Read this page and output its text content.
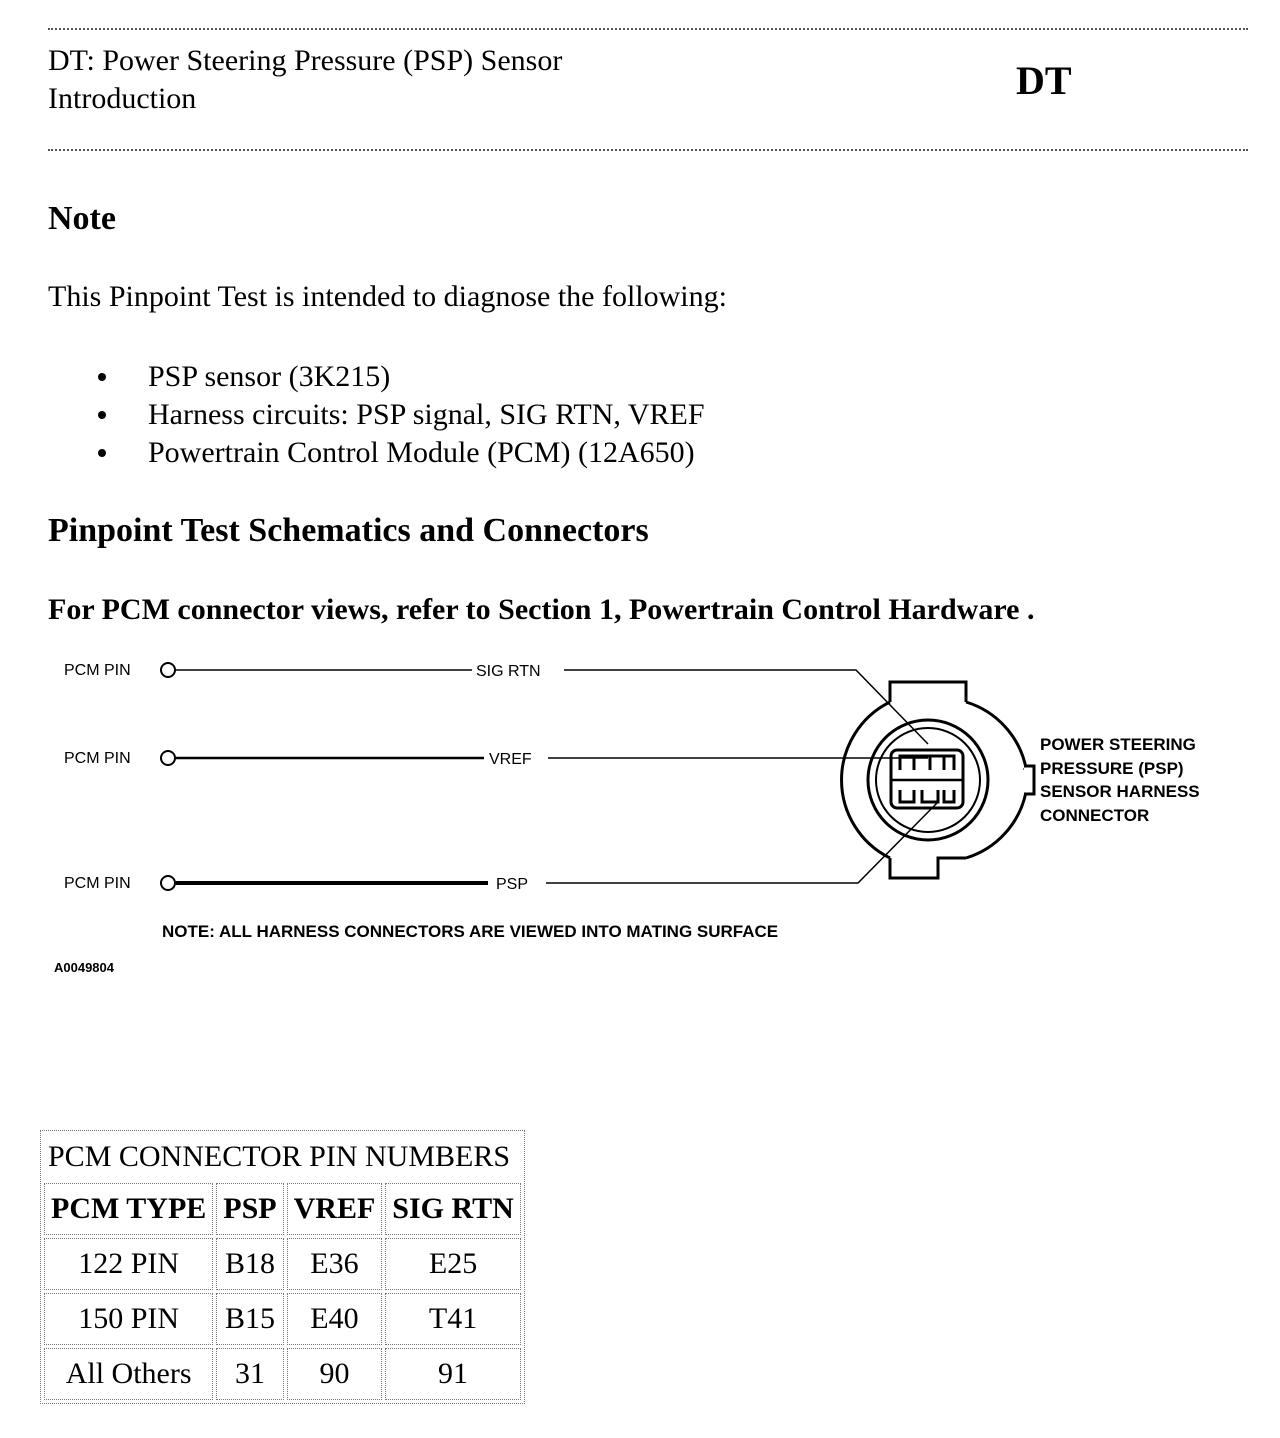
DT: Power Steering Pressure (PSP) Sensor
Introduction	DT
Note
This Pinpoint Test is intended to diagnose the following:
PSP sensor (3K215)
Harness circuits: PSP signal, SIG RTN, VREF
Powertrain Control Module (PCM) (12A650)
Pinpoint Test Schematics and Connectors
For PCM connector views, refer to Section 1, Powertrain Control Hardware .
PCM PIN	SIG RTN
PCM PIN	VREF
PCM PIN	PSP
POWER STEERING
PRESSURE (PSP)
SENSOR HARNESS
CONNECTOR
NOTE: ALL HARNESS CONNECTORS ARE VIEWED INTO MATING SURFACE
A0049804
PCM CONNECTOR PIN NUMBERS			
PCM TYPE	PSP	VREF	SIG RTN
122 PIN	B18	E36	E25
150 PIN	B15	E40	T41
All Others	31	90	91
